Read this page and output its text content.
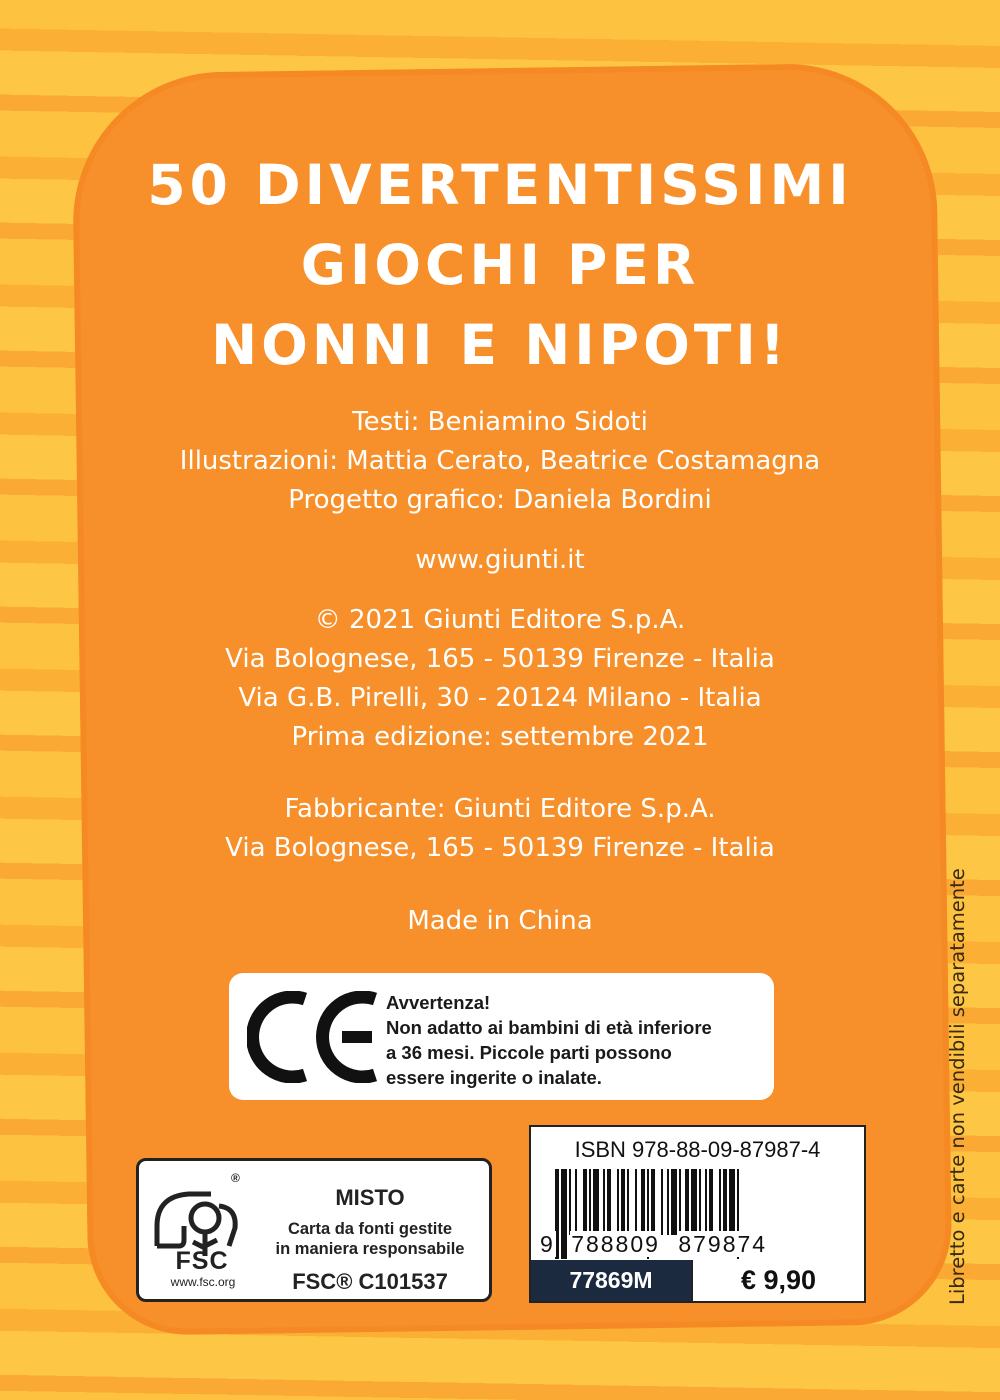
50 DIVERTENTISSIMI
GIOCHI PER
NONNI E NIPOTI!
Testi: Beniamino Sidoti
Illustrazioni: Mattia Cerato, Beatrice Costamagna
Progetto grafico: Daniela Bordini
www.giunti.it
© 2021 Giunti Editore S.p.A.
Via Bolognese, 165 - 50139 Firenze - Italia
Via G.B. Pirelli, 30 - 20124 Milano - Italia
Prima edizione: settembre 2021
Fabbricante: Giunti Editore S.p.A.
Via Bolognese, 165 - 50139 Firenze - Italia
Made in China
Avvertenza!
Non adatto ai bambini di età inferiore
a 36 mesi. Piccole parti possono
essere ingerite o inalate.
®
FSC
www.fsc.org
MISTO
Carta da fonti gestite
in maniera responsabile
FSC® C101537
ISBN 978-88-09-87987-4
9 788809 879874
77869M	€ 9,90	Libretto e carte non vendibili separatamente
